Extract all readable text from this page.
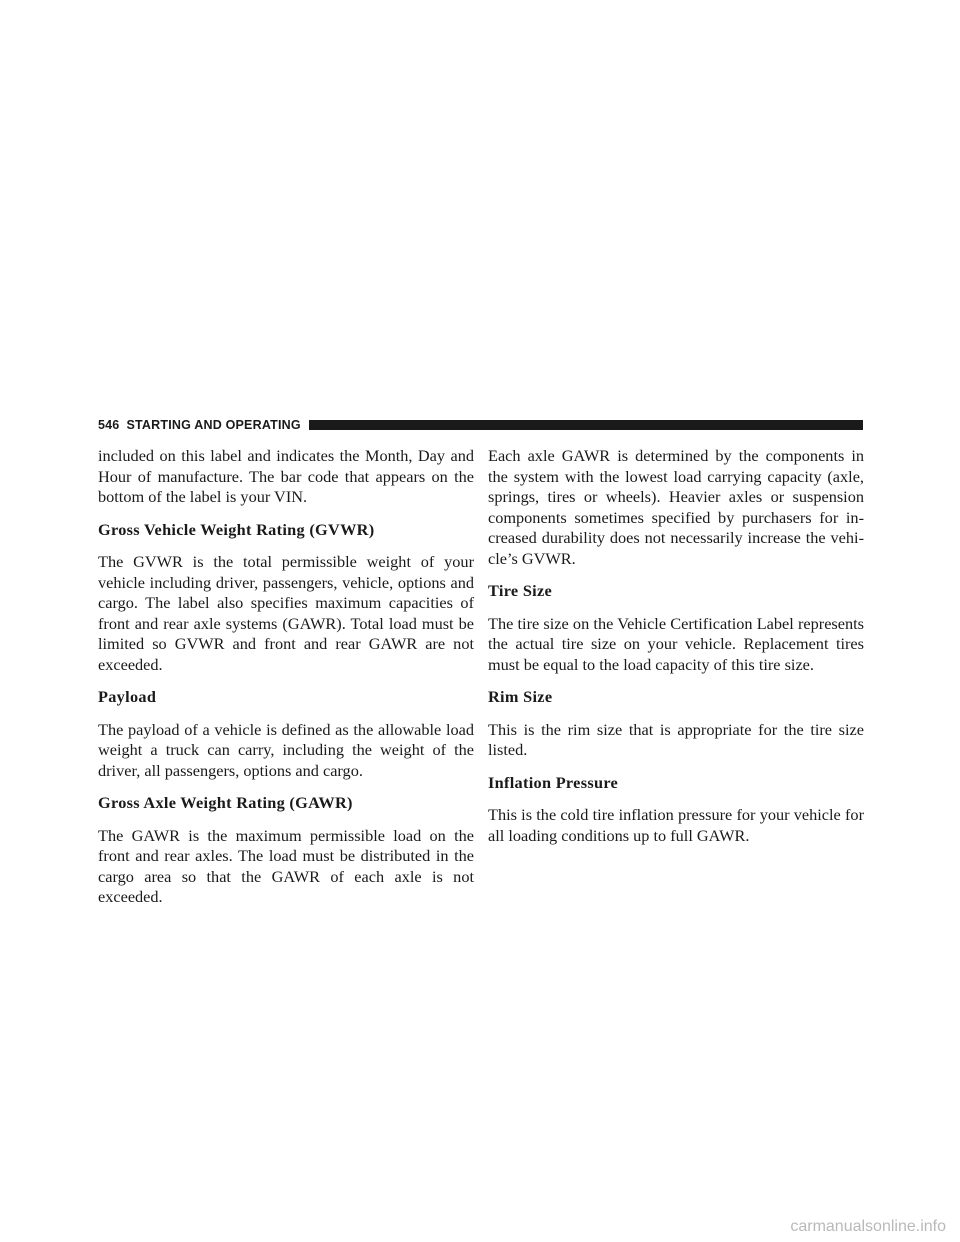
546 STARTING AND OPERATING

included on this label and indicates the Month, Day and Hour of manufacture. The bar code that appears on the bottom of the label is your VIN.

Gross Vehicle Weight Rating (GVWR)

The GVWR is the total permissible weight of your vehicle including driver, passengers, vehicle, options and cargo. The label also specifies maximum capacities of front and rear axle systems (GAWR). Total load must be limited so GVWR and front and rear GAWR are not exceeded.

Payload

The payload of a vehicle is defined as the allowable load weight a truck can carry, including the weight of the driver, all passengers, options and cargo.

Gross Axle Weight Rating (GAWR)

The GAWR is the maximum permissible load on the front and rear axles. The load must be distributed in the cargo area so that the GAWR of each axle is not exceeded.

Each axle GAWR is determined by the components in the system with the lowest load carrying capacity (axle, springs, tires or wheels). Heavier axles or suspension components sometimes specified by purchasers for in-creased durability does not necessarily increase the vehi-cle’s GVWR.

Tire Size

The tire size on the Vehicle Certification Label represents the actual tire size on your vehicle. Replacement tires must be equal to the load capacity of this tire size.

Rim Size

This is the rim size that is appropriate for the tire size listed.

Inflation Pressure

This is the cold tire inflation pressure for your vehicle for all loading conditions up to full GAWR.

carmanualsonline.info
